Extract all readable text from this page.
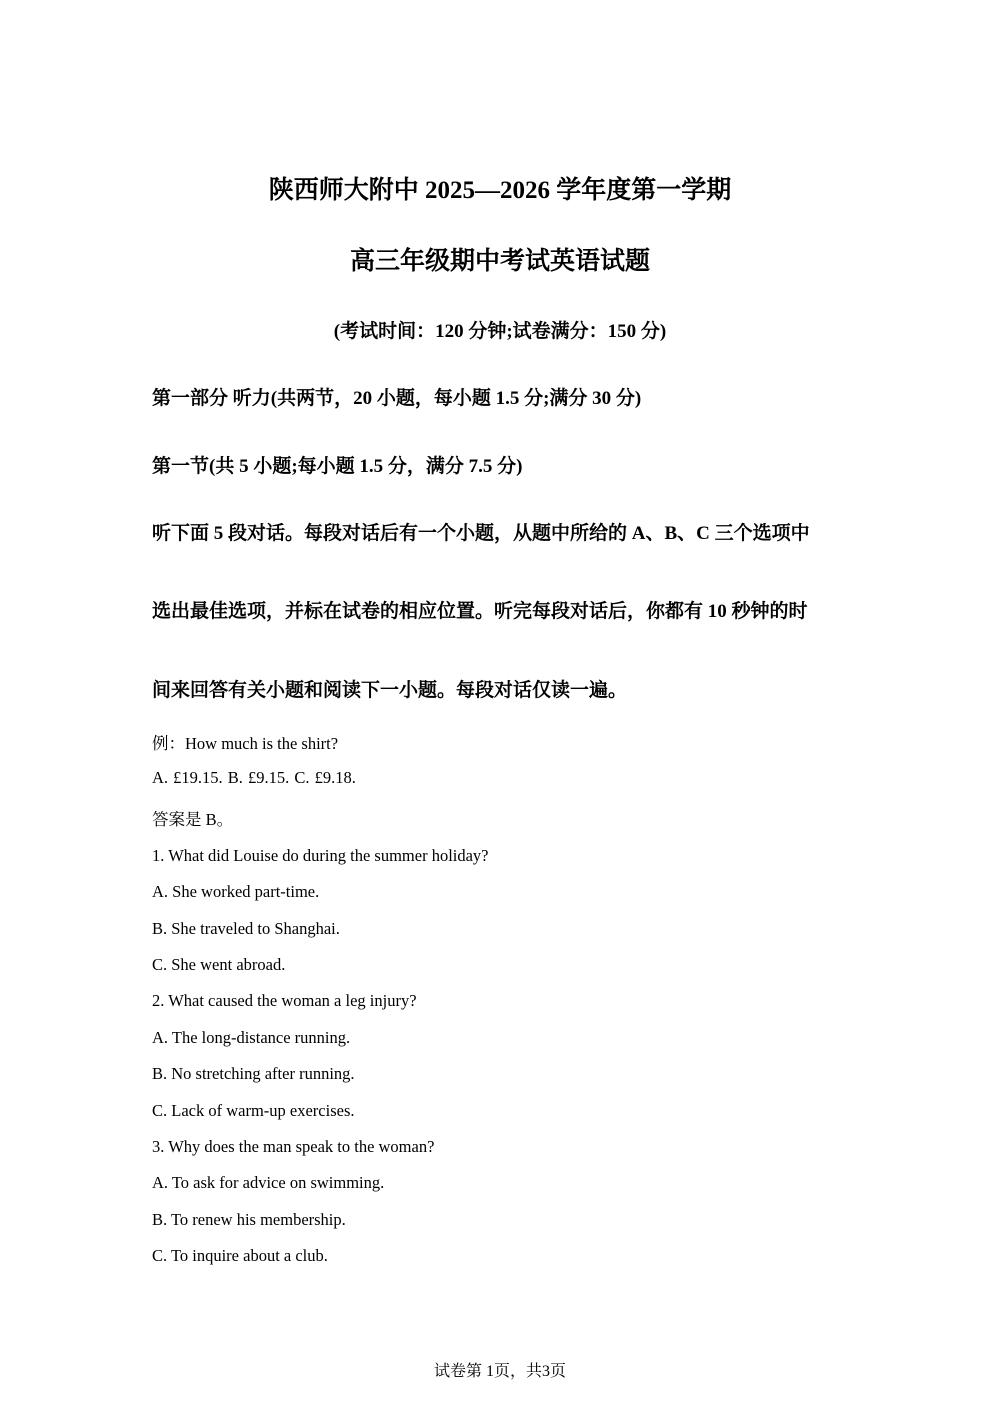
陕西师大附中 2025—2026 学年度第一学期
高三年级期中考试英语试题
(考试时间：120 分钟;试卷满分：150 分)
第一部分 听力(共两节，20 小题，每小题 1.5 分;满分 30 分)
第一节(共 5 小题;每小题 1.5 分，满分 7.5 分)
听下面 5 段对话。每段对话后有一个小题，从题中所给的 A、B、C 三个选项中
选出最佳选项，并标在试卷的相应位置。听完每段对话后，你都有 10 秒钟的时
间来回答有关小题和阅读下一小题。每段对话仅读一遍。
例：How much is the shirt?
A. £19.15. B. £9.15. C. £9.18.
答案是 B。
1. What did Louise do during the summer holiday?
A. She worked part-time.
B. She traveled to Shanghai.
C. She went abroad.
2. What caused the woman a leg injury?
A. The long-distance running.
B. No stretching after running.
C. Lack of warm-up exercises.
3. Why does the man speak to the woman?
A. To ask for advice on swimming.
B. To renew his membership.
C. To inquire about a club.
试卷第 1页，共3页
